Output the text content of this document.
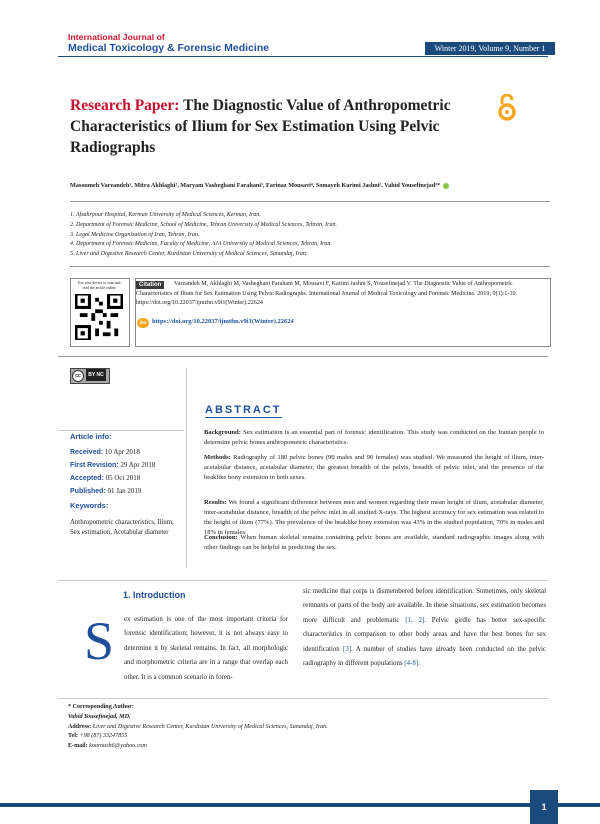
International Journal of
Medical Toxicology & Forensic Medicine	Winter 2019, Volume 9, Number 1
Research Paper: The Diagnostic Value of Anthropometric Characteristics of Ilium for Sex Estimation Using Pelvic Radiographs
Masoumeh Varzandeh¹, Mitra Akhlaghi², Maryam Vasheghani Farahani³, Farinaz Mousavi⁴, Somayeh Karimi Jashni², Vahid Yousefinejad⁵*
1. Afsahrpour Hospital, Kerman University of Medical Sciences, Kerman, Iran.
2. Department of Forensic Medicine, School of Medicine, Tehran University of Medical Sciences, Tehran, Iran.
3. Legal Medicine Organization of Iran, Tehran, Iran.
4. Department of Forensic Medicine, Faculty of Medicine, AJA University of Medical Sciences, Tehran, Iran.
5. Liver and Digestive Research Center, Kurdistan University of Medical Sciences, Sanandaj, Iran.
Use your device to scan and read the article online
Varzandeh M, Akhlaghi M, Vasheghani Farahani M, Mousavi F, Karimi Jashni S, Yousefinejad V. The Diagnostic Value of Anthropometric Characteristics of Ilium for Sex Estimation Using Pelvic Radiographs. International Journal of Medical Toxicology and Forensic Medicine. 2019; 9(1):1-10. https://doi.org/10.22037/ijmtfm.v9i1(Winter).22624
Citation
doi https://doi.org/10.22037/ijmtfm.v9i1(Winter).22624
cc	BY NC
Article info:
Received: 10 Apr 2018
First Revision: 29 Apr 2018
Accepted: 05 Oct 2018
Published: 01 Jan 2019
Keywords:
Anthropometric characteristics, Ilium, Sex estimation, Acetabular diameter
ABSTRACT
Background: Sex estimation is an essential part of forensic identification. This study was conducted on the Iranian people to determine pelvic bones anthropometric characteristics.
Methods: Radiography of 180 pelvic bones (90 males and 90 females) was studied. We measured the height of ilium, inter-acetabular distance, acetabular diameter, the greatest breadth of the pelvis, breadth of pelvic inlet, and the presence of the beaklike bony extension in both sexes.
Results: We found a significant difference between men and women regarding their mean height of ilium, acetabular diameter, inter-acetabular distance, breadth of the pelvic inlet in all studied X-rays. The highest accuracy for sex estimation was related to the height of ilium (77%). The prevalence of the beaklike bony extension was 43% in the studied population, 70% in males and 18% in females.
Conclusion: When human skeletal remains containing pelvic bones are available, standard radiographic images along with other findings can be helpful in predicting the sex.
1. Introduction
S ex estimation is one of the most important criteria for forensic identification; however, it is not always easy to determine it by skeletal remains. In fact, all morphologic and morphometric criteria are in a range that overlap each other. It is a common scenario in foren-
sic medicine that corps is dismembered before identification. Sometimes, only skeletal remnants or parts of the body are available. In these situations, sex estimation becomes more difficult and problematic [1, 2]. Pelvic girdle has better sex-specific characteristics in comparison to other body areas and have the best bones for sex identification [3]. A number of studies have already been conducted on the pelvic radiography in different populations [4-8].
* Corresponding Author:
Vahid Yousefinejad, MD.
Address: Liver and Digestive Research Center, Kurdistan University of Medical Sciences, Sanandaj, Iran.
Tel: +98 (87) 33247855
E-mail: kooroush6@yahoo.com
1
